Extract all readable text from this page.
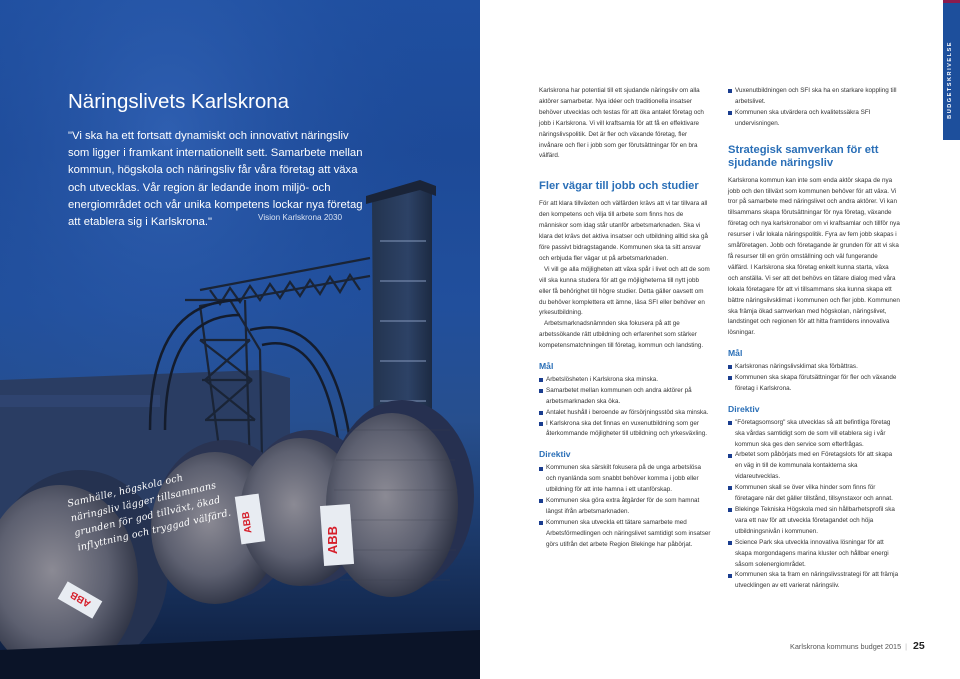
ABB
ABB
ABB
Näringslivets Karlskrona

"Vi ska ha ett fortsatt dynamiskt och innovativt näringsliv som ligger i framkant internationellt sett. Samarbete mellan kommun, högskola och näringsliv får våra företag att växa och utvecklas. Vår region är ledande inom miljö- och energiområdet och vår unika kompetens lockar nya företag att etablera sig i Karlskrona."	Vision Karlskrona 2030

Samhälle, högskola och näringsliv lägger tillsammans grunden för god tillväxt, ökad inflyttning och tryggad välfärd.

BUDGETSKRIVELSE

Karlskrona har potential till ett sjudande näringsliv om alla aktörer samarbetar. Nya idéer och traditionella insatser behöver utvecklas och testas för att öka antalet företag och jobb i Karlskrona. Vi vill kraftsamla för att få en effektivare näringslivspolitik. Det är fler och växande företag, fler invånare och fler i jobb som ger förutsättningar för en bra välfärd.

Fler vägar till jobb och studier

För att klara tillväxten och välfärden krävs att vi tar tillvara all den kompetens och vilja till arbete som finns hos de människor som idag står utanför arbetsmarknaden. Ska vi klara det krävs det aktiva insatser och utbildning alltid ska gå före passivt bidragstagande. Kommunen ska ta sitt ansvar och erbjuda fler vägar ut på arbetsmarknaden.

Vi vill ge alla möjligheten att växa spår i livet och att de som vill ska kunna studera för att ge möjligheterna till nytt jobb eller få behörighet till högre studier. Detta gäller oavsett om du behöver komplettera ett ämne, läsa SFI eller behöver en yrkesutbildning.

Arbetsmarknadsnämnden ska fokusera på att ge arbetssökande rätt utbildning och erfarenhet som stärker kompetensmatchningen till företag, kommun och landsting.

Mål
Arbetslösheten i Karlskrona ska minska.
Samarbetet mellan kommunen och andra aktörer på arbetsmarknaden ska öka.
Antalet hushåll i beroende av försörjningsstöd ska minska.
I Karlskrona ska det finnas en vuxenutbildning som ger återkommande möjligheter till utbildning och yrkesväxling.
Direktiv
Kommunen ska särskilt fokusera på de unga arbetslösa och nyanlända som snabbt behöver komma i jobb eller utbildning för att inte hamna i ett utanförskap.
Kommunen ska göra extra åtgärder för de som hamnat längst ifrån arbetsmarknaden.
Kommunen ska utveckla ett tätare samarbete med Arbetsförmedlingen och näringslivet samtidigt som insatser görs utifrån det arbete Region Blekinge har påbörjat.
Vuxenutbildningen och SFI ska ha en starkare koppling till arbetslivet.
Kommunen ska utvärdera och kvalitetssäkra SFI undervisningen.
Strategisk samverkan för ett sjudande näringsliv

Karlskrona kommun kan inte som enda aktör skapa de nya jobb och den tillväxt som kommunen behöver för att växa. Vi tror på samarbete med näringslivet och andra aktörer. Vi kan tillsammans skapa förutsättningar för nya företag, växande företag och nya karlskronabor om vi kraftsamlar och tillför nya resurser i vår lokala näringspolitik. Fyra av fem jobb skapas i småföretagen. Jobb och företagande är grunden för att vi ska få resurser till en grön omställning och väl fungerande välfärd. I Karlskrona ska företag enkelt kunna starta, växa och anställa. Vi ser att det behövs en tätare dialog med våra lokala företagare för att vi tillsammans ska kunna skapa ett bättre näringslivsklimat i kommunen och fler jobb. Kommunen ska främja ökad samverkan med högskolan, näringslivet, landstinget och regionen för att hitta framtidens innovativa lösningar.

Mål
Karlskronas näringslivsklimat ska förbättras.
Kommunen ska skapa förutsättningar för fler och växande företag i Karlskrona.
Direktiv
"Företagsomsorg" ska utvecklas så att befintliga företag ska vårdas samtidigt som de som vill etablera sig i vår kommun ska ges den service som efterfrågas.
Arbetet som påbörjats med en Företagslots för att skapa en väg in till de kommunala kontakterna ska vidareutvecklas.
Kommunen skall se över vilka hinder som finns för företagare när det gäller tillstånd, tillsynstaxor och annat.
Blekinge Tekniska Högskola med sin hållbarhetsprofil ska vara ett nav för att utveckla företagandet och höja utbildningsnivån i kommunen.
Science Park ska utveckla innovativa lösningar för att skapa morgondagens marina kluster och hållbar energi såsom solenergiområdet.
Kommunen ska ta fram en näringslivsstrategi för att främja utvecklingen av ett varierat näringsliv.
Karlskrona kommuns budget 2015 | 25
